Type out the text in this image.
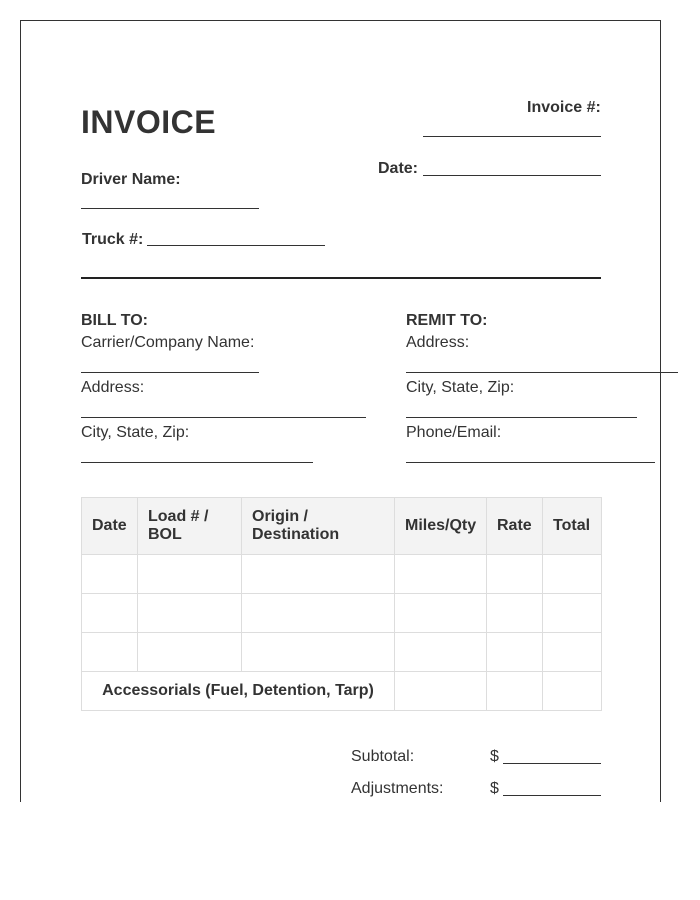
INVOICE	Invoice #:
Date:
Driver Name:
Truck #:
BILL TO:
Carrier/Company Name:
Address:
City, State, Zip:
REMIT TO:
Address:
City, State, Zip:
Phone/Email:
Date	Load # / BOL	Origin / Destination	Miles/Qty	Rate	Total

Accessorials (Fuel, Detention, Tarp)					
Subtotal:	$
Adjustments:	$
